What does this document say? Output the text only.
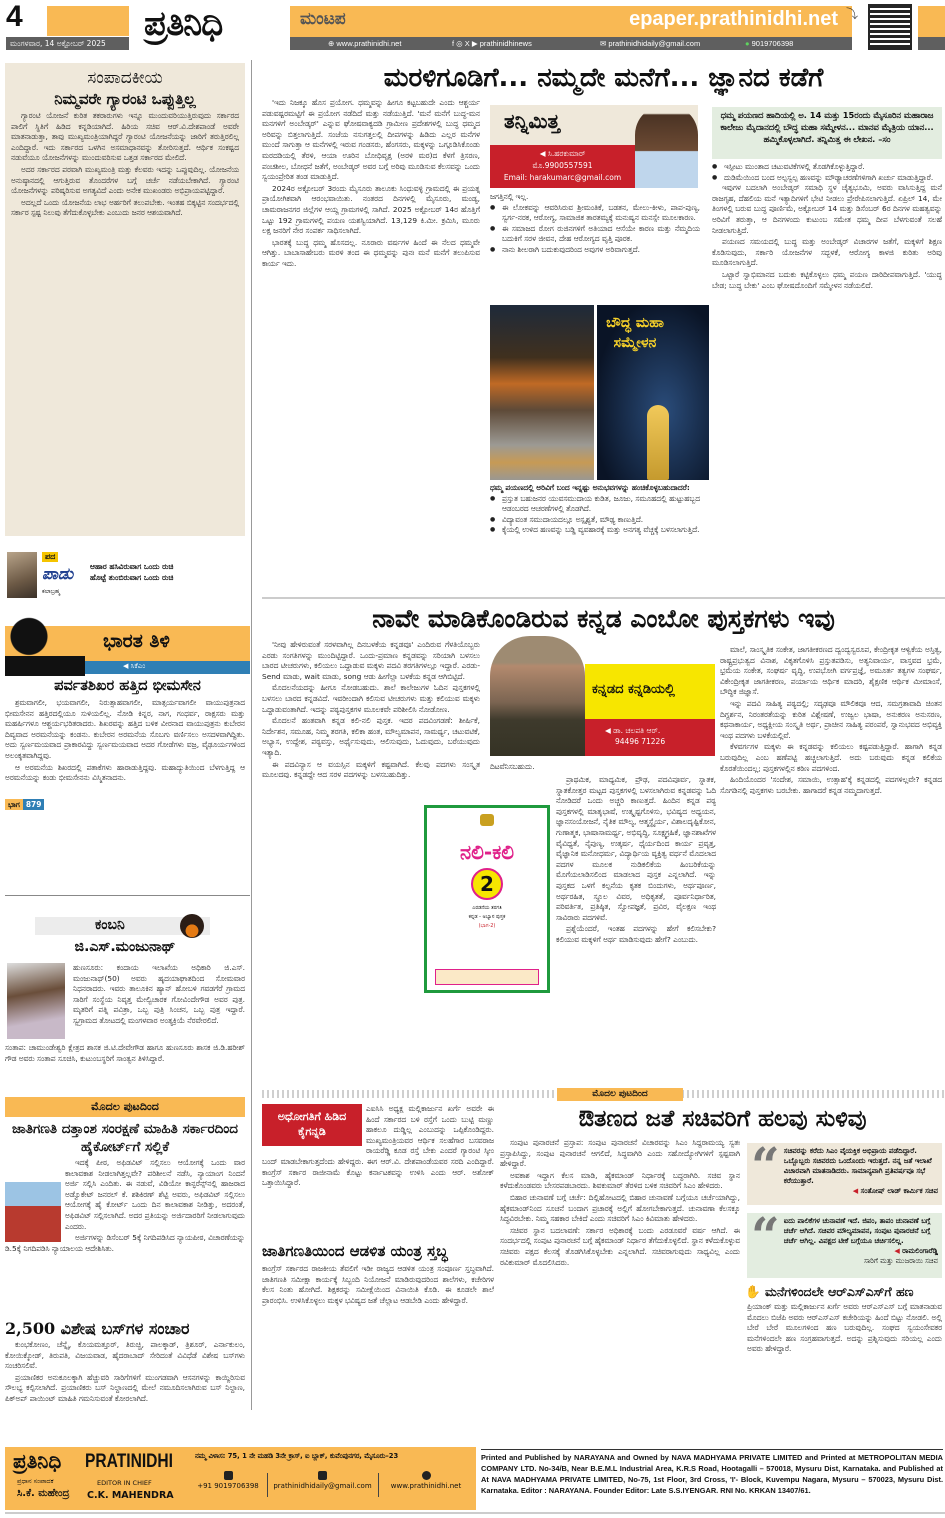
4
ಮಂಗಳವಾರ, 14 ಅಕ್ಟೋಬರ್ 2025	ಪ್ರತಿನಿಧಿ	ಮಂಟಪ	epaper.prathinidhi.net
⊕ www.prathinidhi.net	f ◎ X ▶ prathinidhinews	✉ prathinidhidaily@gmail.com	● 9019706398
⤵
ಸಂಪಾದಕೀಯ
ನಿಮ್ಮವರೇ ಗ್ಯಾರಂಟಿ ಒಪ್ಪುತ್ತಿಲ್ಲ

ಗ್ಯಾರಂಟಿ ಯೋಜನೆ ಕುರಿತ ತಕರಾರುಗಳು ಇನ್ನೂ ಮುಂದುವರಿಯುತ್ತಿರುವುದು ಸರ್ಕಾರದ ಪಾಲಿಗೆ ಸ್ಥಿತಿಗೆ ಹಿಡಿದ ಕನ್ನಡಿಯಾಗಿದೆ. ಹಿರಿಯ ಸಚಿವ ಆರ್.ವಿ.ದೇಶಪಾಂಡೆ ಅವರೇ ಮಾತನಾಡುತ್ತಾ, ತಾವು ಮುಖ್ಯಮಂತ್ರಿಯಾಗಿದ್ದರೆ ಗ್ಯಾರಂಟಿ ಯೋಜನೆಯನ್ನು ಜಾರಿಗೆ ತರುತ್ತಿರಲಿಲ್ಲ ಎಂದಿದ್ದಾರೆ. ಇದು ಸರ್ಕಾರದ ಒಳಗಿನ ಅಸಮಾಧಾನವನ್ನು ತೋರಿಸುತ್ತದೆ. ಆರ್ಥಿಕ ಸಂಕಷ್ಟದ ನಡುವೆಯೂ ಯೋಜನೆಗಳನ್ನು ಮುಂದುವರಿಸುವ ಒತ್ತಡ ಸರ್ಕಾರದ ಮೇಲಿದೆ.

ಅದರ ಸರ್ಕಾರದ ಪರವಾಗಿ ಮುಖ್ಯಮಂತ್ರಿ ಮತ್ತು ಕೆಲವರು ಇದನ್ನು ಒಪ್ಪುವುದಿಲ್ಲ. ಯೋಜನೆಯ ಅನುಷ್ಠಾನದಲ್ಲಿ ಆಗುತ್ತಿರುವ ತೊಂದರೆಗಳ ಬಗ್ಗೆ ಚರ್ಚೆ ನಡೆಯಬೇಕಾಗಿದೆ. ಗ್ಯಾರಂಟಿ ಯೋಜನೆಗಳನ್ನು ಪರಿಷ್ಕರಿಸುವ ಅಗತ್ಯವಿದೆ ಎಂದು ಅನೇಕ ಮುಖಂಡರು ಅಭಿಪ್ರಾಯಪಟ್ಟಿದ್ದಾರೆ.

ಅದಲ್ಲದೆ ಒಂದು ಯೋಜನೆಯ ಲಾಭ ಅರ್ಹರಿಗೆ ತಲುಪಬೇಕು. ಇಂತಹ ಬಿಕ್ಕಟ್ಟಿನ ಸಂದರ್ಭದಲ್ಲಿ ಸರ್ಕಾರ ಸ್ಪಷ್ಟ ನಿಲುವು ತೆಗೆದುಕೊಳ್ಳಬೇಕು ಎಂಬುದು ಜನರ ಆಶಯವಾಗಿದೆ.

ಪದ
ಪಾಡು
ಕಲಾಬ್ರಹ್ಮ
ಆಹಾರ ಹಸಿವಿರುವಾಗ ಒಂದು ರುಚಿ
ಹೊಟ್ಟೆ ತುಂಬಿರುವಾಗ ಒಂದು ರುಚಿ
ಭಾರತ ತಿಳಿ
◀ ಸಿಕೆಎಂ
ಪರ್ವತಶಿಖರ ಹತ್ತಿದ ಭೀಮಸೇನ

ಶ್ರಮವಾಗಲೀ, ಭಯವಾಗಲೀ, ನಿರುತ್ಸಾಹವಾಗಲೀ, ಮಾತ್ಸರ್ಯವಾಗಲೀ ವಾಯುಪುತ್ರನಾದ ಭೀಮಸೇನನ ಹತ್ತಿರದಲ್ಲಿಯೂ ಸುಳಿಯಲಿಲ್ಲ. ನೋಡಿ ಕಿನ್ನರ, ನಾಗ, ಗಂಧರ್ವ, ರಾಕ್ಷಸರು ಮತ್ತು ಮಹರ್ಷಿಗಳೂ ಆಶ್ಚರ್ಯಭರಿತರಾದರು. ಶಿಖರವನ್ನು ಹತ್ತಿದ ಬಳಿಕ ವೀರನಾದ ವಾಯುಪುತ್ರನು ಕುಬೇರನ ದಿವ್ಯವಾದ ಅರಮನೆಯನ್ನು ಕಂಡನು. ಕುಬೇರನ ಅರಮನೆಯ ಸೊಬಗು ವರ್ಣಿಸಲು ಅಸದಳವಾಗಿದ್ದಿತು. ಅದು ಸ್ವರ್ಣಮಯವಾದ ಪ್ರಾಕಾರವಿದ್ದು ಸ್ವರ್ಣಮಯವಾದ ಅದರ ಗೋಡೆಗಳು ವಜ್ರ, ವೈಢೂರ್ಯಗಳಿಂದ ಅಲಂಕೃತವಾಗಿದ್ದವು.

ಆ ಅರಮನೆಯ ಶಿಖರದಲ್ಲಿ ಪತಾಕೆಗಳು ಹಾರಾಡುತ್ತಿದ್ದವು. ಮಹಾದ್ಯುತಿಯಿಂದ ಬೆಳಗುತ್ತಿದ್ದ ಆ ಅರಮನೆಯನ್ನು ಕಂಡು ಭೀಮಸೇನನು ವಿಸ್ಮಿತನಾದನು.

ಭಾಗ 879
ಕಂಬನಿ
ಜಿ.ಎಸ್.ಮಂಜುನಾಥ್
ಹುಣಸೂರು: ಕಂದಾಯ ಇಲಾಖೆಯ ಅಧಿಕಾರಿ ಜಿ.ಎಸ್. ಮಂಜುನಾಥ್(50) ಅವರು ಹೃದಯಾಘಾತದಿಂದ ಸೋಮವಾರ ನಿಧನರಾದರು. ಇವರು ತಾಲೂಕಿನ ಹ್ಯಾನ್ ಹೋಬಳಿ ಗವಡಗೆರೆ ಗ್ರಾಮದ ಸಾರಿಗೆ ಸಂಸ್ಥೆಯ ನಿವೃತ್ತ ಮೇಲ್ವಿಚಾರಕ ಗೋವಿಂದೇಗೌಡ ಅವರ ಪುತ್ರ. ಮೃತರಿಗೆ ಪತ್ನಿ ಪವಿತ್ರಾ, ಒಬ್ಬ ಪುತ್ರಿ ಸಿಂಚನ, ಒಬ್ಬ ಪುತ್ರ ಇದ್ದಾರೆ. ಸ್ವಗ್ರಾಮದ ತೋಟದಲ್ಲಿ ಮಂಗಳವಾರ ಅಂತ್ಯಕ್ರಿಯೆ ನೆರವೇರಲಿದೆ.
ಸಂತಾಪ: ಚಾಮುಂಡೇಶ್ವರಿ ಕ್ಷೇತ್ರದ ಶಾಸಕ ಜಿ.ಟಿ.ದೇವೇಗೌಡ ಹಾಗೂ ಹುಣಸೂರು ಶಾಸಕ ಜಿ.ಡಿ.ಹರೀಶ್ ಗೌಡ ಅವರು ಸಂತಾಪ ಸೂಚಿಸಿ, ಕುಟುಂಬಸ್ಥರಿಗೆ ಸಾಂತ್ವನ ತಿಳಿಸಿದ್ದಾರೆ.
ಮೊದಲ ಪುಟದಿಂದ
ಜಾತಿಗಣತಿ ದತ್ತಾಂಶ ಸಂರಕ್ಷಣೆ ಮಾಹಿತಿ ಸರ್ಕಾರದಿಂದ ಹೈಕೋರ್ಟ್‌ಗೆ ಸಲ್ಲಿಕೆ

ಇದಕ್ಕೆ ಪೀಠ, ಅಫಿಡವಿಟ್ ಸಲ್ಲಿಸಲು ಆಯೋಗಕ್ಕೆ ಒಂದು ವಾರ ಕಾಲಾವಕಾಶ ನೀಡಲಾಗಿತ್ತಲ್ಲವೇ? ಪರಿಶೀಲನೆ ನಡೆಸಿ, ನ್ಯಾಯಾಂಗ ನಿಂದನೆ ಅರ್ಜಿ ಸಲ್ಲಿಸಿ ಎಂದಿತು. ಈ ನಡುವೆ, ವಿಡಿಯೋ ಕಾನ್ಫರೆನ್ಸ್‌ನಲ್ಲಿ ಹಾಜರಾದ ಅಡ್ವೊಕೇಟ್ ಜನರಲ್ ಕೆ. ಶಶಿಕಿರಣ್ ಶೆಟ್ಟಿ ಅವರು, ಅಫಿಡವಿಟ್ ಸಲ್ಲಿಸಲು ಆಯೋಗಕ್ಕೆ ಹೈ ಕೋರ್ಟ್ ಒಂದು ದಿನ ಕಾಲಾವಕಾಶ ನೀಡಿತ್ತು, ಅದರಂತೆ, ಅಫಿಡವಿಟ್ ಸಲ್ಲಿಸಲಾಗಿದೆ. ಅದರ ಪ್ರತಿಯನ್ನು ಅರ್ಜಿದಾರರಿಗೆ ನೀಡಲಾಗುವುದು ಎಂದರು.

ಅರ್ಜಿಗಳನ್ನು ಡಿಸೆಂಬರ್ 5ಕ್ಕೆ ನಿಗದಿಪಡಿಸಿದ ನ್ಯಾಯಪೀಠ, ವಿಚಾರಣೆಯನ್ನು ಡಿ.5ಕ್ಕೆ ನಿಗದಿಪಡಿಸಿ ನ್ಯಾಯಾಲಯ ಆದೇಶಿಸಿತು.

2,500 ವಿಶೇಷ ಬಸ್‌ಗಳ ಸಂಚಾರ

ಕುಂಭಕೋಣಂ, ಚೆನ್ನೈ, ಕೊಯಮತ್ತೂರ್, ತಿರುಚ್ಚಿ, ಪಾಲಕ್ಕಾಡ್, ತ್ರಿಶೂರ್, ಎರ್ನಾಕುಲಂ, ಕೋಯಿಕ್ಕೋಡ್, ತಿರುಪತಿ, ವಿಜಯವಾಡ, ಹೈದರಾಬಾದ್ ಸೇರಿದಂತೆ ವಿವಿಧೆಡೆ ವಿಶೇಷ ಬಸ್‌ಗಳು ಸಂಚರಿಸಲಿವೆ.

ಪ್ರಯಾಣಿಕರ ಅನುಕೂಲಕ್ಕಾಗಿ ಹೆಚ್ಚುವರಿ ಸಾರಿಗೆಗಳಿಗೆ ಮುಂಗಡವಾಗಿ ಆಸನಗಳನ್ನು ಕಾಯ್ದಿರಿಸುವ ಸೌಲಭ್ಯ ಕಲ್ಪಿಸಲಾಗಿದೆ. ಪ್ರಯಾಣಿಕರು ಬಸ್ ನಿಲ್ದಾಣದಲ್ಲಿ ಮೇಲೆ ನಮೂದಿಸಲಾಗಿರುವ ಬಸ್ ನಿಲ್ದಾಣ, ಪಿಕ್‌ಅಪ್ ಪಾಯಿಂಟ್ ಮಾಹಿತಿ ಗಮನಿಸುವಂತೆ ಕೋರಲಾಗಿದೆ.

ಮರಳಿಗೂಡಿಗೆ... ನಮ್ಮದೇ ಮನೆಗೆ... ಜ್ಞಾನದ ಕಡೆಗೆ

'ಇದು ನಿಜಕ್ಕೂ ಹೊಸ ಪ್ರಯೋಗ. ಧಮ್ಮವನ್ನು ಹೀಗೂ ಕಟ್ಟಬಹುದೇ ಎಂದು ಆಶ್ಚರ್ಯ ಪಡುವಷ್ಟರಮಟ್ಟಿಗೆ ಈ ಪ್ರಯೋಗ ನಡೆದಿದೆ ಮತ್ತು ನಡೆಯುತ್ತಿದೆ. 'ಮನೆ ಮನೆಗೆ ಬುದ್ಧ-ಮನ ಮನಗಳಿಗೆ ಅಂಬೇಡ್ಕರ್' ಎನ್ನುವ ಘೋಷವಾಕ್ಯದಡಿ ಗ್ರಾಮೀಣ ಪ್ರದೇಶಗಳಲ್ಲಿ ಬುದ್ಧ ಧಮ್ಮದ ಅರಿವನ್ನು ಬಿತ್ತಲಾಗುತ್ತಿದೆ. ಸಂಜೆಯ ನಸುಗತ್ತಲಲ್ಲಿ ದೀಪಗಳನ್ನು ಹಿಡಿದು ಎಲ್ಲರ ಮನೆಗಳ ಮುಂದೆ ಸಾಗುತ್ತಾ ಆ ಮನೆಗಳಲ್ಲಿ ಇರುವ ಗಂಡಸರು, ಹೆಂಗಸರು, ಮಕ್ಕಳನ್ನು ಒಗ್ಗೂಡಿಸಿಕೊಂಡು ಮರದಡಿಯಲ್ಲಿ ತೆರಳಿ, ಆಯಾ ಊರಿನ ಬೋಧಿವೃಕ್ಷ (ಅರಳಿ ಮರ)ದ ಕೆಳಗೆ ತ್ರಿಸರಣ, ಪಂಚಶೀಲ, ಬೋಧನೆ ಜತೆಗೆ, ಅಂಬೇಡ್ಕರ್ ಅವರ ಬಗ್ಗೆ ಅರಿವು ಮೂಡಿಸುವ ಕೆಲಸವನ್ನು ಒಂದು ಸ್ವಯಂಪ್ರೇರಿತ ತಂಡ ಮಾಡುತ್ತಿದೆ.

2024ರ ಅಕ್ಟೋಬರ್ 3ರಂದು ಮೈಸೂರು ತಾಲೂಕು ಸಿಂಧುವಳ್ಳಿ ಗ್ರಾಮದಲ್ಲಿ ಈ ಪ್ರಯತ್ನ ಪ್ರಾಯೋಗಿಕವಾಗಿ ಆರಂಭವಾಯಿತು. ನಂತರದ ದಿನಗಳಲ್ಲಿ ಮೈಸೂರು, ಮಂಡ್ಯ, ಚಾಮರಾಜನಗರ ಜಿಲ್ಲೆಗಳ ಆಯ್ದ ಗ್ರಾಮಗಳಲ್ಲಿ ಸಾಗಿದೆ. 2025 ಅಕ್ಟೋಬರ್ 14ರ ಹೊತ್ತಿಗೆ ಒಟ್ಟು 192 ಗ್ರಾಮಗಳಲ್ಲಿ ಪಯಣ ಯಶಸ್ವಿಯಾಗಿದೆ. 13,129 ಕಿ.ಮೀ. ಕ್ರಮಿಸಿ, ಮೂರು ಲಕ್ಷ ಜನರಿಗೆ ನೇರ ಸಂಪರ್ಕ ಸಾಧಿಸಲಾಗಿದೆ.

ಭಾರತಕ್ಕೆ ಬುದ್ಧ ಧಮ್ಮ ಹೊಸದಲ್ಲ. ನೂರಾರು ವರ್ಷಗಳ ಹಿಂದೆ ಈ ನೆಲದ ಧಮ್ಮವೇ ಆಗಿತ್ತು. ಬಾಬಾಸಾಹೇಬರು ಮರಳಿ ತಂದ ಈ ಧಮ್ಮವನ್ನು ಪುನಃ ಮನೆ ಮನೆಗೆ ತಲುಪಿಸುವ ಕಾರ್ಯ ಇದು.

ತನ್ನಿಮಿತ್ತ
◀ ಸಿ.ಹರಕುಮಾರ್
ಮೊ.9900557591
Email: harakumarc@gmail.com
ಜಗತ್ತಿನಲ್ಲಿ ಇಲ್ಲ.
● ಈ ಲೋಕವನ್ನು ಆವರಿಸಿರುವ ಶ್ರೀಮಂತಿಕೆ, ಬಡತನ, ಮೇಲು-ಕೀಳು, ಪಾಪ-ಪುಣ್ಯ, ಸ್ವರ್ಗ-ನರಕ, ಆರೋಗ್ಯ, ಸಾಮಾಜಿಕ ತಾರತಮ್ಯಕ್ಕೆ ಮನುಷ್ಯನ ಮನಸ್ಸೇ ಮೂಲಕಾರಣ.
● ಈ ಸಮಾಜದ ರೋಗ ರುಜಿನಗಳಿಗೆ ಅತಿಯಾದ ಆಸೆಯೇ ಕಾರಣ ಮತ್ತು ನೆಮ್ಮದಿಯ ಬದುಕಿಗೆ ಸರಳ ಜೀವನ, ದೇಹ ಆರೋಗ್ಯದ ವೃತ್ತಿ ಪೂರಕ.
● ನಾನು ಶೀಲರಾಗಿ ಬದುಕುವುದರಿಂದ ಅವುಗಳ ಅರಿವಾಗುತ್ತದೆ.
ಬೌದ್ಧ ಮಹಾ ಸಮ್ಮೇಳನ
ಧಮ್ಮ ಪಯಣದಲ್ಲಿ ಅರಿವಿಗೆ ಬಂದ ಇನ್ನಷ್ಟು ಅನುಭವಗಳನ್ನು ಹಂಚಿಕೊಳ್ಳಬಹುದಾದರೆ:
● ಪ್ರಸ್ತುತ ಬಹುಜನರ ಯುವಸಮುದಾಯ ಕುಡಿತ, ಜೂಜು, ಸಮೂಹದಲ್ಲಿ ಹುಟ್ಟುಹಬ್ಬದ ಆಡಂಬರದ ಆಚರಣೆಗಳಲ್ಲಿ ತೊಡಗಿದೆ.
● ವಿದ್ಯಾವಂತ ಸಮುದಾಯದಲ್ಲೂ ಅಸ್ಪೃಶ್ಯತೆ, ಮೌಢ್ಯ ಕಾಣುತ್ತಿದೆ.
● ಕೈಯಲ್ಲಿ ಉಳಿದ ಹಣವನ್ನು ಬಡ್ಡಿ ವ್ಯವಹಾರಕ್ಕೆ ಮತ್ತು ಅನಗತ್ಯ ವೆಚ್ಚಕ್ಕೆ ಬಳಸಲಾಗುತ್ತಿದೆ.
ಧಮ್ಮ ಪಯಣದ ಹಾದಿಯಲ್ಲಿ ಅ. 14 ಮತ್ತು 15ರಂದು ಮೈಸೂರಿನ ಮಹಾರಾಜ ಕಾಲೇಜು ಮೈದಾನದಲ್ಲಿ ಬೌದ್ಧ ಮಹಾ ಸಮ್ಮೇಳನ... ಮಾನವ ಮೈತ್ರಿಯ ಯಾನ... ಹಮ್ಮಿಕೊಳ್ಳಲಾಗಿದೆ. ತನ್ನಿಮಿತ್ತ ಈ ಲೇಖನ. –ಸಂ
● ಇಸ್ಪೀಟು ಮುಂತಾದ ಚಟುವಟಿಕೆಗಳಲ್ಲಿ ತೊಡಗಿಕೊಳ್ಳುತ್ತಿದ್ದಾರೆ.
● ದುಡಿಮೆಯಿಂದ ಬಂದ ಅಲ್ಪಸ್ವಲ್ಪ ಹಣವನ್ನು ಮೌಢ್ಯಾಚರಣೆಗಳಿಗಾಗಿ ಖರ್ಚು ಮಾಡುತ್ತಿದ್ದಾರೆ.

ಇವುಗಳ ಬದಲಾಗಿ ಅಂಬೇಡ್ಕರ್ ಸಮಾಧಿ ಸ್ಥಳ ಚೈತ್ಯಭೂಮಿ, ಅವರು ವಾಸಿಸುತ್ತಿದ್ದ ಮನೆ ರಾಜಗೃಹ, ದೆಹಲಿಯ ಮನೆ ಇತ್ಯಾದಿಗಳಿಗೆ ಭೇಟಿ ನೀಡಲು ಪ್ರೇರೇಪಿಸಲಾಗುತ್ತಿದೆ. ಏಪ್ರಿಲ್ 14, ಮೇ ತಿಂಗಳಲ್ಲಿ ಬರುವ ಬುದ್ಧ ಪೂರ್ಣಿಮೆ, ಅಕ್ಟೋಬರ್ 14 ಮತ್ತು ಡಿಸೆಂಬರ್ 6ರ ದಿನಗಳ ಮಹತ್ವವನ್ನು ಅರಿವಿಗೆ ತರುತ್ತಾ, ಆ ದಿನಗಳಂದು ಕುಟುಂಬ ಸಮೇತ ಧಮ್ಮ ದೀಪ ಬೆಳಗುವಂತೆ ಸಲಹೆ ನೀಡಲಾಗುತ್ತಿದೆ.

ಪಯಣದ ಸಮಯದಲ್ಲಿ ಬುದ್ಧ ಮತ್ತು ಅಂಬೇಡ್ಕರ್ ವಿಚಾರಗಳ ಜತೆಗೆ, ಮಕ್ಕಳಿಗೆ ಶಿಕ್ಷಣ ಕೊಡಿಸುವುದು, ಸರ್ಕಾರಿ ಯೋಜನೆಗಳ ಸದ್ಬಳಕೆ, ಆರೋಗ್ಯ ಕಾಳಜಿ ಕುರಿತು ಅರಿವು ಮೂಡಿಸಲಾಗುತ್ತಿದೆ.

ಒಟ್ಟಾರೆ ಸ್ವಾಭಿಮಾನದ ಬದುಕು ಕಟ್ಟಿಕೊಳ್ಳಲು ಧಮ್ಮ ಪಯಣ ದಾರಿದೀಪವಾಗುತ್ತಿದೆ. 'ಯುದ್ಧ ಬೇಡ; ಬುದ್ಧ ಬೇಕು' ಎಂಬ ಘೋಷದೊಂದಿಗೆ ಸಮ್ಮೇಳನ ನಡೆಯಲಿದೆ.

ನಾವೇ ಮಾಡಿಕೊಂಡಿರುವ ಕನ್ನಡ ಎಂಬೋ ಪುಸ್ತಕಗಳು ಇವು

'ನೀವು ಹೇಳಿರುವಂತೆ ಸರಳವಾಗಿಲ್ಲ ದಿನಬಳಕೆಯ ಕನ್ನಡವೂ' ಎಂದಿರುವ ಗೆಳತಿಯೊಬ್ಬರು ಎರಡು ಸಂಗತಿಗಳನ್ನು ಮುಂದಿಟ್ಟಿದ್ದಾರೆ. ಒಂದು-ಪ್ರಮಾಣ ಕನ್ನಡವನ್ನು ಸರಿಯಾಗಿ ಬಳಸಲು ಬಾರದ ಟೀಚರುಗಳು, ಕಲಿಯಲು ಒದ್ದಾಡುವ ಮಕ್ಕಳು ಪದವಿ ತರಗತಿಗಳಲ್ಲೂ ಇದ್ದಾರೆ. ಎರಡು-Send ಮಾಡು, wait ಮಾಡು, song ಆಡು ಹೀಗೆಲ್ಲಾ ಬಳಕೆಯ ಕನ್ನಡ ಆಗಿಬಿಟ್ಟಿದೆ.

ಮೊದಲನೆಯದನ್ನು ಹೀಗೂ ನೋಡಬಹುದು. ಶಾಲೆ ಕಾಲೇಜುಗಳ ಓದಿನ ಪುಸ್ತಕಗಳಲ್ಲಿ ಬಳಸಲು ಬಾರದ ಕನ್ನಡವಿದೆ. ಇವರೀಂದಾಗಿ ಕಲಿಸುವ ಟೀಚರುಗಳು ಮತ್ತು ಕಲಿಯುವ ಮಕ್ಕಳು ಒದ್ದಾಡುವಂತಾಗಿದೆ. ಇದನ್ನು ಪಠ್ಯಪುಸ್ತಕಗಳ ಮೂಲಕವೇ ಪರಿಶೀಲಿಸಿ ನೋಡೋಣ.

ಮೊದಲನೆ ಹಂತವಾಗಿ ಕನ್ನಡ ಕಲಿ-ನಲಿ ಪುಸ್ತಕ. ಇದರ ಪದವಿಂಗಡಣೆ: ಶೀರ್ಷಿಕೆ, ನಿರ್ದೇಶನ, ಸಮೂಹ, ನಿಮ್ಮ ತರಗತಿ, ಕಲಿಕಾ ಹಂತ, ಮೌಲ್ಯಮಾಪನ, ಸಾಮರ್ಥ್ಯ, ಚಟುವಟಿಕೆ, ಅಭ್ಯಾಸ, ಉದ್ದೇಶ, ಪಠ್ಯವಸ್ತು, ಅರ್ಥೈಸುವುದು, ಆಲಿಸುವುದು, ಓದುವುದು, ಬರೆಯುವುದು ಇತ್ಯಾದಿ.

ಈ ಪದವಿನ್ಯಾಸ ಆ ವಯಸ್ಸಿನ ಮಕ್ಕಳಿಗೆ ಕಷ್ಟವಾಗಿದೆ. ಕೆಲವು ಪದಗಳು ಸಂಸ್ಕೃತ ಮೂಲದವು. ಕನ್ನಡದ್ದೇ ಆದ ಸರಳ ಪದಗಳನ್ನು ಬಳಸಬಹುದಿತ್ತು.

ಕನ್ನಡದ ಕನ್ನಡಿಯಲ್ಲಿ
◀ ಡಾ. ಚಲಪತಿ ಆರ್.
94496 71226
ದಿಟವೆನಿಸಬಹುದು.
ನಲಿ-ಕಲಿ
2
ಎರಡನೆಯ ತರಗತಿ
ಕನ್ನಡ - ಅಭ್ಯಾಸ ಪುಸ್ತಕ
(ಭಾಗ-2)

ಪ್ರಾಥಮಿಕ, ಮಾಧ್ಯಮಿಕ, ಪ್ರೌಢ, ಪದವಿಪೂರ್ವ, ಸ್ನಾತಕ, ಸ್ನಾತಕೋತ್ತರ ಮಟ್ಟದ ಪುಸ್ತಕಗಳಲ್ಲಿ ಬಳಸಲಾಗಿರುವ ಕನ್ನಡವನ್ನು ಓದಿ ನೋಡಿದರೆ ಒಂದು ಅಚ್ಚರಿ ಕಾಣುತ್ತದೆ. ಹಿಂದಿನ ಕನ್ನಡ ಪಠ್ಯ ಪುಸ್ತಕಗಳಲ್ಲಿ ಮಾತೃಭಾಷೆ, ಉತ್ಕೃಷ್ಟಗೊಳಿಸು, ಭವಿಷ್ಯದ ಅಧ್ಯಯನ, ಜ್ಞಾನಸಂಯೋಜನೆ, ನೈತಿಕ ಮೌಲ್ಯ, ಆತ್ಮಸ್ಥೈರ್ಯ, ವಿಶಾಲದೃಷ್ಟಿಕೋನ, ಗುಣಾತ್ಮಕ, ಭಾಷಾಸಾಮರ್ಥ್ಯ, ಅಭಿವೃದ್ಧಿ, ಸೂಕ್ಷ್ಮಗ್ರಹಿಕೆ, ಜ್ಞಾನಶಾಖೆಗಳ ವೈವಿಧ್ಯತೆ, ನೈಪುಣ್ಯ, ಉತ್ಕರ್ಷ, ಧೈರ್ಯದಿಂದ ಕಾರ್ಯ ಪ್ರವೃತ್ತ, ವೈಜ್ಞಾನಿಕ ಮನೋಧರ್ಮ, ವಿದ್ಯಾರ್ಥಿಯ ವ್ಯಕ್ತಿತ್ವ ವರ್ಧನೆ ಮೊದಲಾದ ಪದಗಳ ಮೂಲಕ ನುಡಿಕಲಿಕೆಯ ಹಿಂಬರಿಕೆಯನ್ನು ಮೊಗೆಯಲಾಡಿಸಲಿಂದ ಮಾಡಲಾದ ಪುಸ್ತಕ ಎನ್ನಲಾಗಿದೆ. ಇನ್ನು ಪುಸ್ತಕದ ಒಳಗೆ ಕಲ್ಪನೆಯ ಕೃತಕ ಬಿಂದುಗಳು, ಅರ್ಥಪೂರ್ಣ, ಅರ್ಥರಹಿತ, ಸ್ಥೂಲ ವಿವರ, ಅಧಿಕೃತತೆ, ಪೂರ್ವನಿರ್ಧಾರಿತ, ಪರಿವರ್ತಿತ, ಪ್ರತಿಷ್ಠಿತ, ಸ್ವೋಪಜ್ಞತೆ, ಪ್ರವಿರ, ವೈಲಕ್ಷಣ ಇಂಥ ಸಾವಿರಾರು ಪದಗಳಿವೆ.

ಪ್ರಶ್ನೆಯೆಂದರೆ, ಇಂತಹ ಪದಗಳನ್ನು ಹೇಗೆ ಕಲಿಸಬೇಕು? ಕಲಿಯುವ ಮಕ್ಕಳಿಗೆ ಅರ್ಥ ಮಾಡಿಸುವುದು ಹೇಗೆ? ಎಂಬುದು.

ಮಾಲೆ, ಸಾಂಸ್ಕೃತಿಕ ಸಂಕೇತ, ಜಾಗತೀಕರಣದ ದ್ವಂದ್ವಸ್ವರೂಪ, ಕೇಂದ್ರೀಕೃತ ಆಳ್ವಿಕೆಯ ಅಸ್ತಿತ್ವ, ರಾಷ್ಟ್ರಪ್ರಭುತ್ವದ ವಿನಾಶ, ವಿಕೃತಗೊಳಿಸಿ ಪ್ರಸ್ತುತಪಡಿಸು, ಅತ್ಯನಿವಾರ್ಯ, ವಾಸ್ತವದ ಭ್ರಮೆ, ಭ್ರಮೆಯ ಸಂಕೇತ, ಸಂಘರ್ಷ ವೃದ್ಧಿ, ಉಪಭೋಗಿ ವರ್ಗಪ್ರಜ್ಞೆ, ಅಮೂರ್ತ ತತ್ವಗಳ ಸಂಘರ್ಷ, ವಿಕೇಂದ್ರೀಕೃತ ಜಾಗತೀಕರಣ, ಪರ್ಯಾಯ ಆರ್ಥಿಕ ಮಾದರಿ, ಶೈಕ್ಷಣಿಕ ಆರ್ಥಿಕ ಮೀಮಾಂಸೆ, ಬೌದ್ಧಿಕ ಜಿಜ್ಞಾಸೆ.

ಇನ್ನು ಪದವಿ ಸಾಹಿತ್ಯ ಪಠ್ಯದಲ್ಲಿ; ಸದೃಢವೂ ಮೌಲಿಕವೂ ಆದ, ಸಮಗ್ರತಾವಾದಿ ಚಿಂತನ ದಿಗ್ದರ್ಶನ, ನಿರಂತರತೆಯನ್ನು ಕುರಿತ ವಿಶ್ಲೇಷಣೆ, ಉಜ್ವಲ ಭಾಷಾ, ಅನುಕರಣ ಅನುಸರಣ, ಕಥನಾಕಾರ್ಯ, ಅಧ್ಯಕ್ಷೀಯ ಸಂಸ್ಕೃತಿ ಅರ್ಥ, ಪ್ರಾಚೀನ ಸಾಹಿತ್ಯ ಪರಂಪರೆ, ಸ್ವಾನುಭವದ ಅಭಿವ್ಯಕ್ತಿ ಇಂಥ ಪದಗಳು ಬಳಕೆಯಲ್ಲಿವೆ.

ಕೆಳವರ್ಗಗಳ ಮಕ್ಕಳು ಈ ಕನ್ನಡವನ್ನು ಕಲಿಯಲು ಕಷ್ಟಪಡುತ್ತಿದ್ದಾರೆ. ಹಾಗಾಗಿ ಕನ್ನಡ ಬರುವುದಿಲ್ಲ ಎಂಬ ಹಣೆಪಟ್ಟಿ ಹಚ್ಚಲಾಗುತ್ತಿದೆ. ಅದು ಬರುವುದು ಕನ್ನಡ ಕಲಿಕೆಯ ಕೊರತೆಯಿಂದಲ್ಲ; ಪುಸ್ತಕಗಳಲ್ಲಿನ ಕಠಿಣ ಪದಗಳಿಂದ.

ಹಿಂದಿಯೊಂದರ 'ಸಂದೇಶ, ಸಮಾಯಿ, ಉತ್ಸಾಹ'ಕ್ಕೆ ಕನ್ನಡದಲ್ಲಿ ಪದಗಳಿಲ್ಲವೇ? ಕನ್ನಡದ ಸೊಗಡಿನಲ್ಲಿ ಪುಸ್ತಕಗಳು ಬರಬೇಕು. ಹಾಗಾದರೆ ಕನ್ನಡ ನಮ್ಮದಾಗುತ್ತದೆ.

ಮೊದಲ ಪುಟದಿಂದ
ಅಧೋಗತಿಗೆ ಹಿಡಿದ ಕೈಗನ್ನಡಿ
ಎಐಸಿಸಿ ಅಧ್ಯಕ್ಷ ಮಲ್ಲಿಕಾರ್ಜುನ ಖರ್ಗೆ ಅವರೇ ಈ ಹಿಂದೆ ಸರ್ಕಾರದ ಬಳಿ ರಸ್ತೆಗೆ ಒಂದು ಬುಟ್ಟಿ ಮಣ್ಣು ಹಾಕಲೂ ದುಡ್ಡಿಲ್ಲ ಎಂಬುದನ್ನು ಒಪ್ಪಿಕೊಂಡಿದ್ದರು. ಮುಖ್ಯಮಂತ್ರಿಯವರ ಆರ್ಥಿಕ ಸಲಹೆಗಾರ ಬಸವರಾಜ ರಾಯರೆಡ್ಡಿ ಕೂಡ ರಸ್ತೆ ಬೇಕು ಎಂದರೆ ಗ್ಯಾರಂಟಿ ಸ್ಕೀಂ ಬಂದ್ ಮಾಡಬೇಕಾಗುತ್ತದೆಂದು ಹೇಳಿದ್ದರು. ಈಗ ಆರ್.ವಿ. ದೇಶಪಾಂಡೆಯವರ ಸರದಿ ಎಂದಿದ್ದಾರೆ. ಕಾಂಗ್ರೆಸ್ ಸರ್ಕಾರ ರಾಜೀನಾಮೆ ಕೊಟ್ಟು ಕರ್ನಾಟಕವನ್ನು ಉಳಿಸಿ ಎಂದು ಆರ್. ಅಶೋಕ್ ಒತ್ತಾಯಿಸಿದ್ದಾರೆ.
ಜಾತಿಗಣತಿಯಿಂದ ಆಡಳಿತ ಯಂತ್ರ ಸ್ತಬ್ಧ
ಕಾಂಗ್ರೆಸ್ ಸರ್ಕಾರದ ರಾಜಕೀಯ ತೆವಲಿಗೆ ಇಡೀ ರಾಜ್ಯದ ಆಡಳಿತ ಯಂತ್ರ ಸಂಪೂರ್ಣ ಸ್ತಬ್ಧವಾಗಿದೆ. ಜಾತಿಗಣತಿ ಸಮೀಕ್ಷಾ ಕಾರ್ಯಕ್ಕೆ ಸಿಬ್ಬಂದಿ ನಿಯೋಜನೆ ಮಾಡಿರುವುದರಿಂದ ಶಾಲೆಗಳು, ಕಚೇರಿಗಳ ಕೆಲಸ ನಿಂತು ಹೋಗಿದೆ. ಶಿಕ್ಷಕರನ್ನು ಸಮೀಕ್ಷೆಯಿಂದ ವಿನಾಯಿತಿ ಕೊಡಿ. ಈ ಕೂಡಲೇ ಶಾಲೆ ಪ್ರಾರಂಭಿಸಿ. ಉಳಿಸಿಕೊಳ್ಳಲು ಮಕ್ಕಳ ಭವಿಷ್ಯದ ಜತೆ ಚೆಲ್ಲಾಟ ಆಡಬೇಡಿ ಎಂದು ಹೇಳಿದ್ದಾರೆ.
ಔತಣದ ಜತೆ ಸಚಿವರಿಗೆ ಹಲವು ಸುಳಿವು

ಸಂಪುಟ ಪುನಾರಚನೆ ಪ್ರಸ್ತಾಪ: ಸಂಪುಟ ಪುನಾರಚನೆ ವಿಚಾರವನ್ನು ಸಿಎಂ ಸಿದ್ದರಾಮಯ್ಯ ಸ್ವತಃ ಪ್ರಸ್ತಾಪಿಸಿದ್ದು, ಸಂಪುಟ ಪುನಾರಚನೆ ಆಗಲಿದೆ, ಸಿದ್ಧವಾಗಿರಿ ಎಂದು ಸಹೋದ್ಯೋಗಿಗಳಿಗೆ ಸ್ಪಷ್ಟವಾಗಿ ಹೇಳಿದ್ದಾರೆ.

ಅವಕಾಶ ಇದ್ದಾಗ ಕೆಲಸ ಮಾಡಿ, ಹೈಕಮಾಂಡ್ ನಿರ್ಧಾರಕ್ಕೆ ಬದ್ಧರಾಗಿರಿ. ಸಚಿವ ಸ್ಥಾನ ಕಳೆದುಕೊಂಡವರು ಬೇಸರಪಡಬಾರದು. ಶಿವಕುಮಾರ್ ತೆರಳಿದ ಬಳಿಕ ಸಚಿವರಿಗೆ ಸಿಎಂ ಹೇಳಿದರು.

ಬಿಹಾರ ಚುನಾವಣೆ ಬಗ್ಗೆ ಚರ್ಚೆ: ದಿಲ್ಲಿಹೋಟದಲ್ಲಿ ಬಿಹಾರ ಚುನಾವಣೆ ಬಗ್ಗೆಯೂ ಚರ್ಚೆಯಾಗಿದ್ದು, ಹೈಕಮಾಂಡ್‌ನಿಂದ ಸೂಚನೆ ಬಂದಾಗ ಪ್ರಚಾರಕ್ಕೆ ಅಲ್ಲಿಗೆ ಹೋಗಬೇಕಾಗುತ್ತದೆ. ಚುನಾವಣಾ ಕೆಲಸಕ್ಕೂ ಸಿದ್ಧವಿರಬೇಕು. ನಿಮ್ಮ ಸಹಕಾರ ಬೇಕಿದೆ ಎಂದು ಸಚಿವರಿಗೆ ಸಿಎಂ ಕಿವಿಮಾತು ಹೇಳಿದರು.

ಸಚಿವರ ಸ್ಥಾನ ಬದಲಾವಣೆ: ಸರ್ಕಾರ ಅಧಿಕಾರಕ್ಕೆ ಬಂದು ಎರಡೂವರೆ ವರ್ಷ ಆಗಿದೆ. ಈ ಸಂದರ್ಭದಲ್ಲಿ ಸಂಪುಟ ಪುನಾರಚನೆ ಬಗ್ಗೆ ಹೈಕಮಾಂಡ್ ನಿರ್ಧಾರ ತೆಗೆದುಕೊಳ್ಳಲಿದೆ. ಸ್ಥಾನ ಕಳೆದುಕೊಳ್ಳುವ ಸಚಿವರು ಪಕ್ಷದ ಕೆಲಸಕ್ಕೆ ತೊಡಗಿಸಿಕೊಳ್ಳಬೇಕು ಎನ್ನಲಾಗಿದೆ. ಸಚಿವರಾಗುವುದು ಸಾಧ್ಯವಿಲ್ಲ ಎಂದು ರವಿಕುಮಾರ್ ಮೊದಲಿಸಿದರು.

“ ಸಚಿವರನ್ನು ಕರೆದು ಸಿಎಂ ವೈಯಕ್ತಿಕ ಅಭಿಪ್ರಾಯ ಪಡೆದಿದ್ದಾರೆ. ಒಬ್ಬೊಬ್ಬರು ಸಚಿವರದು ಒಂದೊಂದು ಇರುತ್ತದೆ. ನನ್ನ ಜತೆ ಇಲಾಖೆ ವಿಚಾರವಾಗಿ ಮಾತನಾಡಿದರು. ಸಾಮಾನ್ಯವಾಗಿ ಪ್ರತಿವರ್ಷವೂ ಸಭೆ ಕರೆಯುತ್ತಾರೆ.
◀ ಸಂತೋಷ್ ಲಾಡ್ ಕಾರ್ಮಿಕ ಸಚಿವ
“ ಐದು ಪಾಲಿಕೆಗಳ ಚುನಾವಣೆ ಇದೆ. ಜಿಪಂ, ತಾಪಂ ಚುನಾವಣೆ ಬಗ್ಗೆ ಚರ್ಚೆ ಆಗಿದೆ. ಸಚಿವರ ಮೌಲ್ಯಮಾಪನ, ಸಂಪುಟ ಪುನಾರಚನೆ ಬಗ್ಗೆ ಚರ್ಚೆ ಆಗಿಲ್ಲ. ವಿಪಕ್ಷದ ಟೀಕೆ ಬಗ್ಗೆಯೂ ಚರ್ಚಿಸಲಿಲ್ಲ.
◀ ರಾಮಲಿಂಗಾರೆಡ್ಡಿ
ಸಾರಿಗೆ ಮತ್ತು ಮುಜರಾಯಿ ಸಚಿವ
✋ ಮನೆಗಳಿಂದಲೇ ಆರ್‌ಎಸ್‌ಎಸ್‌ಗೆ ಹಣ
ಪ್ರಿಯಾಂಕ್ ಮತ್ತು ಮಲ್ಲಿಕಾರ್ಜುನ ಖರ್ಗೆ ಅವರು ಆರ್‌ಎಸ್‌ಎಸ್ ಬಗ್ಗೆ ಮಾತನಾಡುವ ಮೊದಲು ಬಿಜೆಪಿ ಅವರು ಆರ್‌ಎಸ್‌ಎಸ್ ಕಚೇರಿಯನ್ನು ಹಿಂದೆ ಬಿಟ್ಟು ನೋಡಲಿ. ಅಲ್ಲಿ ಬೇರೆ ಬೇರೆ ಮೂಲಗಳಿಂದ ಹಣ ಬರುವುದಿಲ್ಲ. ಸಂಘದ ಸ್ವಯಂಸೇವಕರ ಮನೆಗಳಿಂದಲೇ ಹಣ ಸಂಗ್ರಹವಾಗುತ್ತದೆ. ಅದನ್ನು ಪ್ರಶ್ನಿಸುವುದು ಸರಿಯಲ್ಲ ಎಂದು ಅವರು ಹೇಳಿದ್ದಾರೆ.
ಪ್ರತಿನಿಧಿ
ಪ್ರಧಾನ ಸಂಪಾದಕ
ಸಿ.ಕೆ. ಮಹೇಂದ್ರ
PRATINIDHI
EDITOR IN CHIEF
C.K. MAHENDRA
ನಮ್ಮ ವಿಳಾಸ: 75, 1 ನೇ ಮಹಡಿ 3ನೇ ಕ್ರಾಸ್, ಐ ಬ್ಲಾಕ್, ಕುವೆಂಪುನಗರ, ಮೈಸೂರು–23
+91 9019706398	prathinidhidaily@gmail.com	www.prathinidhi.net
Printed and Published by NARAYANA and Owned by NAVA MADHYAMA PRIVATE LIMITED and Printed at METROPOLITAN MEDIA COMPANY LTD. No-34/B, Near B.E.M.L Industrial Area, K.R.S Road, Hootagalli – 570018, Mysuru Dist, Karnataka. and Published at At NAVA MADHYAMA PRIVATE LIMITED, No-75, 1st Floor, 3rd Cross, 'I'- Block, Kuvempu Nagara, Mysuru – 570023, Mysuru Dist. Karnataka. Editor : NARAYANA. Founder Editor: Late S.S.IYENGAR. RNI No. KRKAN 13407/61.
